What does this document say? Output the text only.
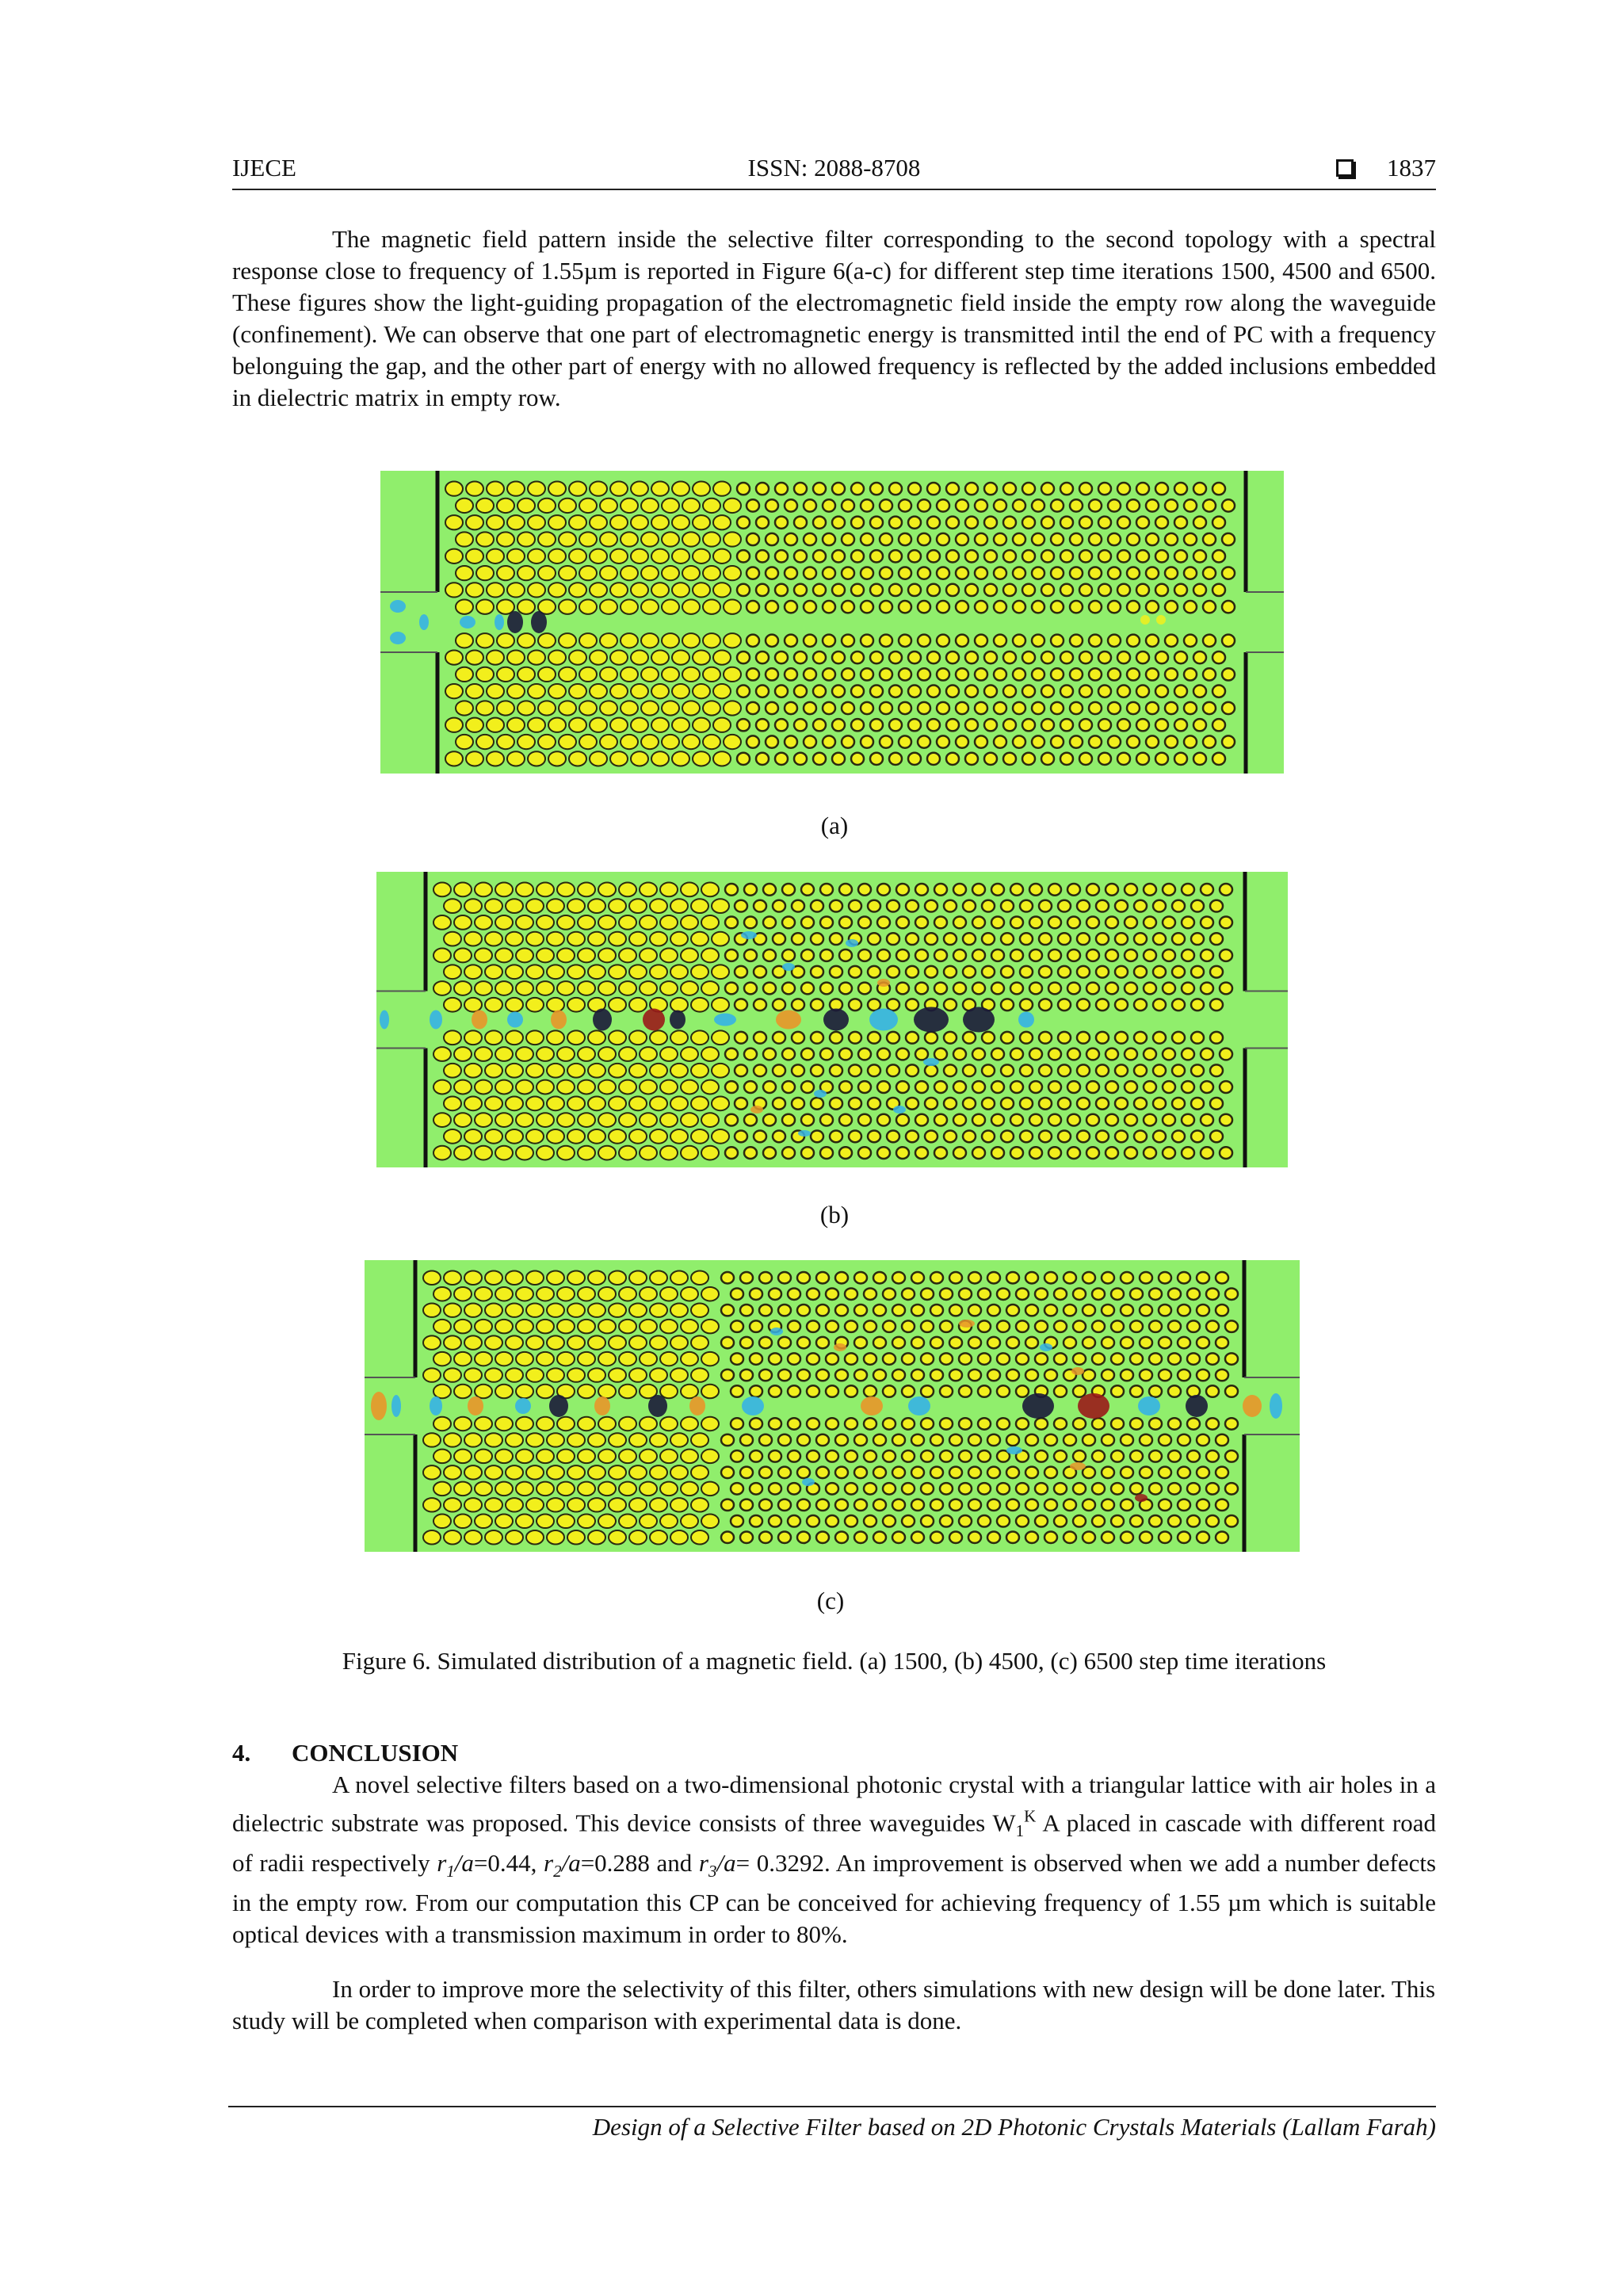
IJECE	ISSN: 2088-8708	1837

The magnetic field pattern inside the selective filter corresponding to the second topology with a spectral response close to frequency of 1.55µm is reported in Figure 6(a-c) for different step time iterations 1500, 4500 and 6500. These figures show the light-guiding propagation of the electromagnetic field inside the empty row along the waveguide (confinement). We can observe that one part of electromagnetic energy is transmitted intil the end of PC with a frequency belonguing the gap, and the other part of energy with no allowed frequency is reflected by the added inclusions embedded in dielectric matrix in empty row.

(a)
(b)
(c)
Figure 6. Simulated distribution of a magnetic field. (a) 1500, (b) 4500, (c) 6500 step time iterations
4. CONCLUSION

A novel selective filters based on a two-dimensional photonic crystal with a triangular lattice with air holes in a dielectric substrate was proposed. This device consists of three waveguides $W_1^K$ A placed in cascade with different road of radii respectively $r_1/a=0.44$, $r_2/a=0.288$ and $r_3/a= 0.3292$. An improvement is observed when we add a number defects in the empty row. From our computation this CP can be conceived for achieving frequency of 1.55 µm which is suitable optical devices with a transmission maximum in order to 80%.

In order to improve more the selectivity of this filter, others simulations with new design will be done later. This study will be completed when comparison with experimental data is done.

Design of a Selective Filter based on 2D Photonic Crystals Materials (Lallam Farah)
